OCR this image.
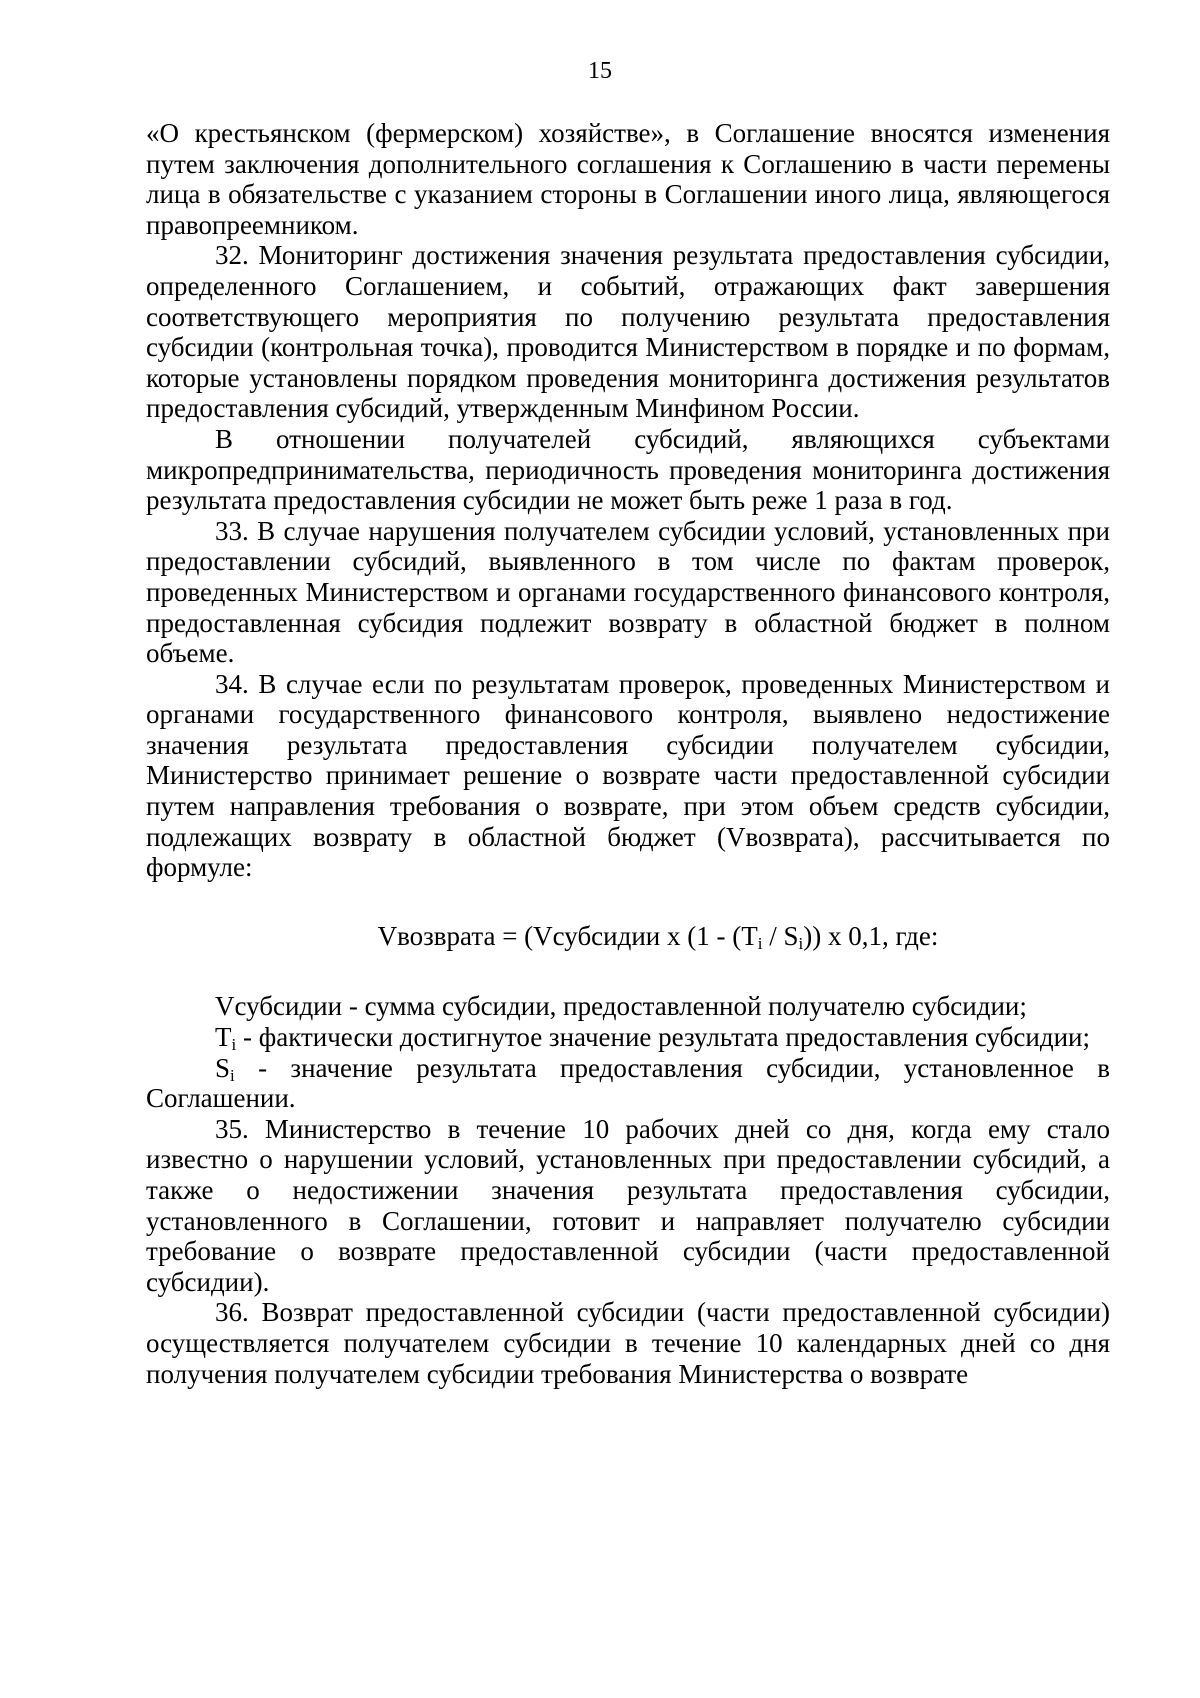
15

«О крестьянском (фермерском) хозяйстве», в Соглашение вносятся изменения путем заключения дополнительного соглашения к Соглашению в части перемены лица в обязательстве с указанием стороны в Соглашении иного лица, являющегося правопреемником.

32. Мониторинг достижения значения результата предоставления субсидии, определенного Соглашением, и событий, отражающих факт завершения соответствующего мероприятия по получению результата предоставления субсидии (контрольная точка), проводится Министерством в порядке и по формам, которые установлены порядком проведения мониторинга достижения результатов предоставления субсидий, утвержденным Минфином России.

В отношении получателей субсидий, являющихся субъектами микропредпринимательства, периодичность проведения мониторинга достижения результата предоставления субсидии не может быть реже 1 раза в год.

33. В случае нарушения получателем субсидии условий, установленных при предоставлении субсидий, выявленного в том числе по фактам проверок, проведенных Министерством и органами государственного финансового контроля, предоставленная субсидия подлежит возврату в областной бюджет в полном объеме.

34. В случае если по результатам проверок, проведенных Министерством и органами государственного финансового контроля, выявлено недостижение значения результата предоставления субсидии получателем субсидии, Министерство принимает решение о возврате части предоставленной субсидии путем направления требования о возврате, при этом объем средств субсидии, подлежащих возврату в областной бюджет (Vвозврата), рассчитывается по формуле:

Vвозврата = (Vсубсидии x $(1 - (T_i / S_i))$ x 0,1, где:

Vсубсидии - сумма субсидии, предоставленной получателю субсидии;

$T_i$ - фактически достигнутое значение результата предоставления субсидии;

$S_i$ - значение результата предоставления субсидии, установленное в Соглашении.

35. Министерство в течение 10 рабочих дней со дня, когда ему стало известно о нарушении условий, установленных при предоставлении субсидий, а также о недостижении значения результата предоставления субсидии, установленного в Соглашении, готовит и направляет получателю субсидии требование о возврате предоставленной субсидии (части предоставленной субсидии).

36. Возврат предоставленной субсидии (части предоставленной субсидии) осуществляется получателем субсидии в течение 10 календарных дней со дня получения получателем субсидии требования Министерства о возврате
